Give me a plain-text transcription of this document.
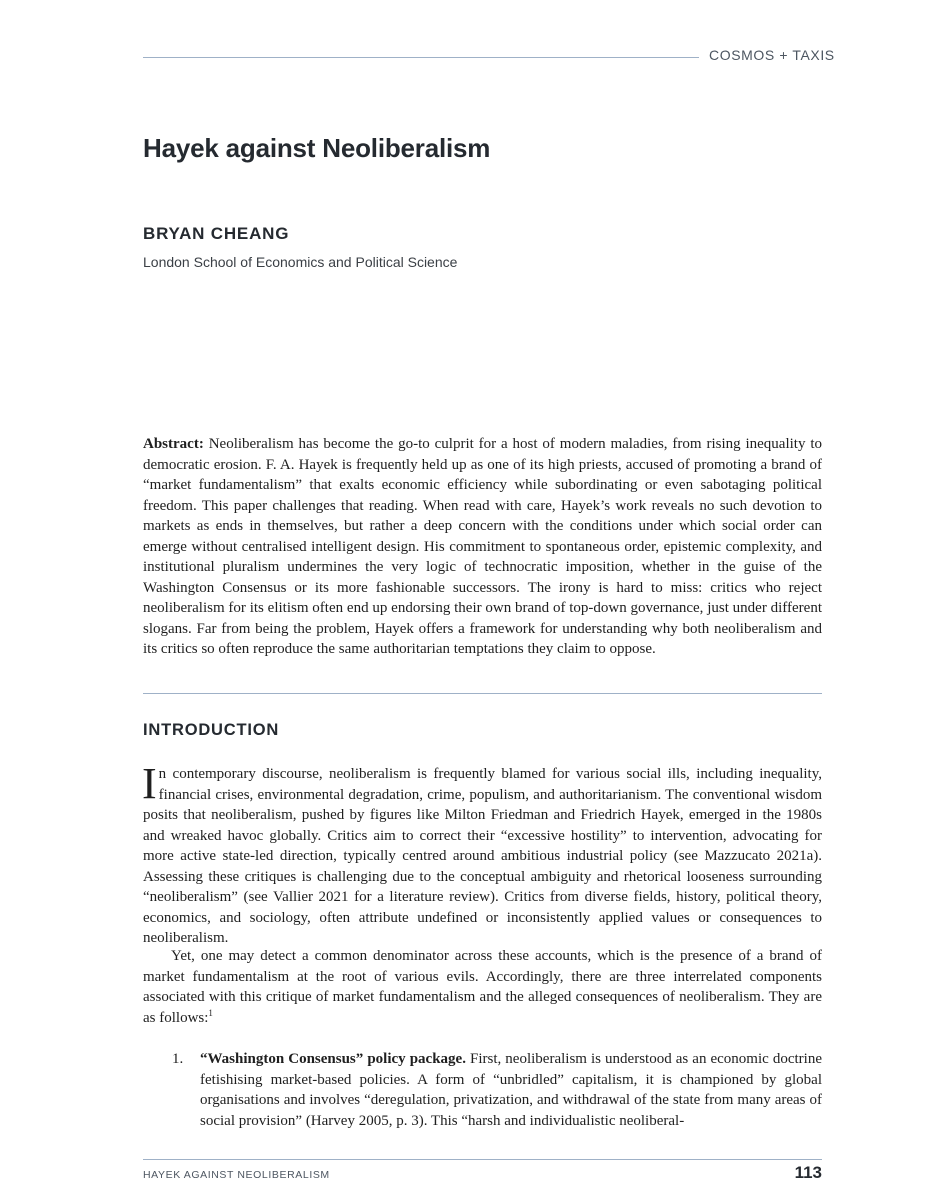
COSMOS + TAXIS
Hayek against Neoliberalism
BRYAN CHEANG
London School of Economics and Political Science

Abstract: Neoliberalism has become the go-to culprit for a host of modern maladies, from rising inequality to democratic erosion. F. A. Hayek is frequently held up as one of its high priests, accused of promoting a brand of “market fundamentalism” that exalts economic efficiency while subordinating or even sabotaging political freedom. This paper challenges that reading. When read with care, Hayek’s work reveals no such devotion to markets as ends in themselves, but rather a deep concern with the conditions under which social order can emerge without centralised intelligent design. His commitment to spontaneous order, epistemic complexity, and institutional pluralism undermines the very logic of technocratic imposition, whether in the guise of the Washington Consensus or its more fashionable successors. The irony is hard to miss: critics who reject neoliberalism for its elitism often end up endorsing their own brand of top-down governance, just under different slogans. Far from being the problem, Hayek offers a framework for understanding why both neoliberalism and its critics so often reproduce the same authoritarian temptations they claim to oppose.

INTRODUCTION

In contemporary discourse, neoliberalism is frequently blamed for various social ills, including inequality, financial crises, environmental degradation, crime, populism, and authoritarianism. The conventional wisdom posits that neoliberalism, pushed by figures like Milton Friedman and Friedrich Hayek, emerged in the 1980s and wreaked havoc globally. Critics aim to correct their “excessive hostility” to intervention, advocating for more active state-led direction, typically centred around ambitious industrial policy (see Mazzucato 2021a). Assessing these critiques is challenging due to the conceptual ambiguity and rhetorical looseness surrounding “neoliberalism” (see Vallier 2021 for a literature review). Critics from diverse fields, history, political theory, economics, and sociology, often attribute undefined or inconsistently applied values or consequences to neoliberalism.

Yet, one may detect a common denominator across these accounts, which is the presence of a brand of market fundamentalism at the root of various evils. Accordingly, there are three interrelated components associated with this critique of market fundamentalism and the alleged consequences of neoliberalism. They are as follows:$^1$

1. “Washington Consensus” policy package. First, neoliberalism is understood as an economic doctrine fetishising market-based policies. A form of “unbridled” capitalism, it is championed by global organisations and involves “deregulation, privatization, and withdrawal of the state from many areas of social provision” (Harvey 2005, p. 3). This “harsh and individualistic neoliberal-
HAYEK AGAINST NEOLIBERALISM	113
